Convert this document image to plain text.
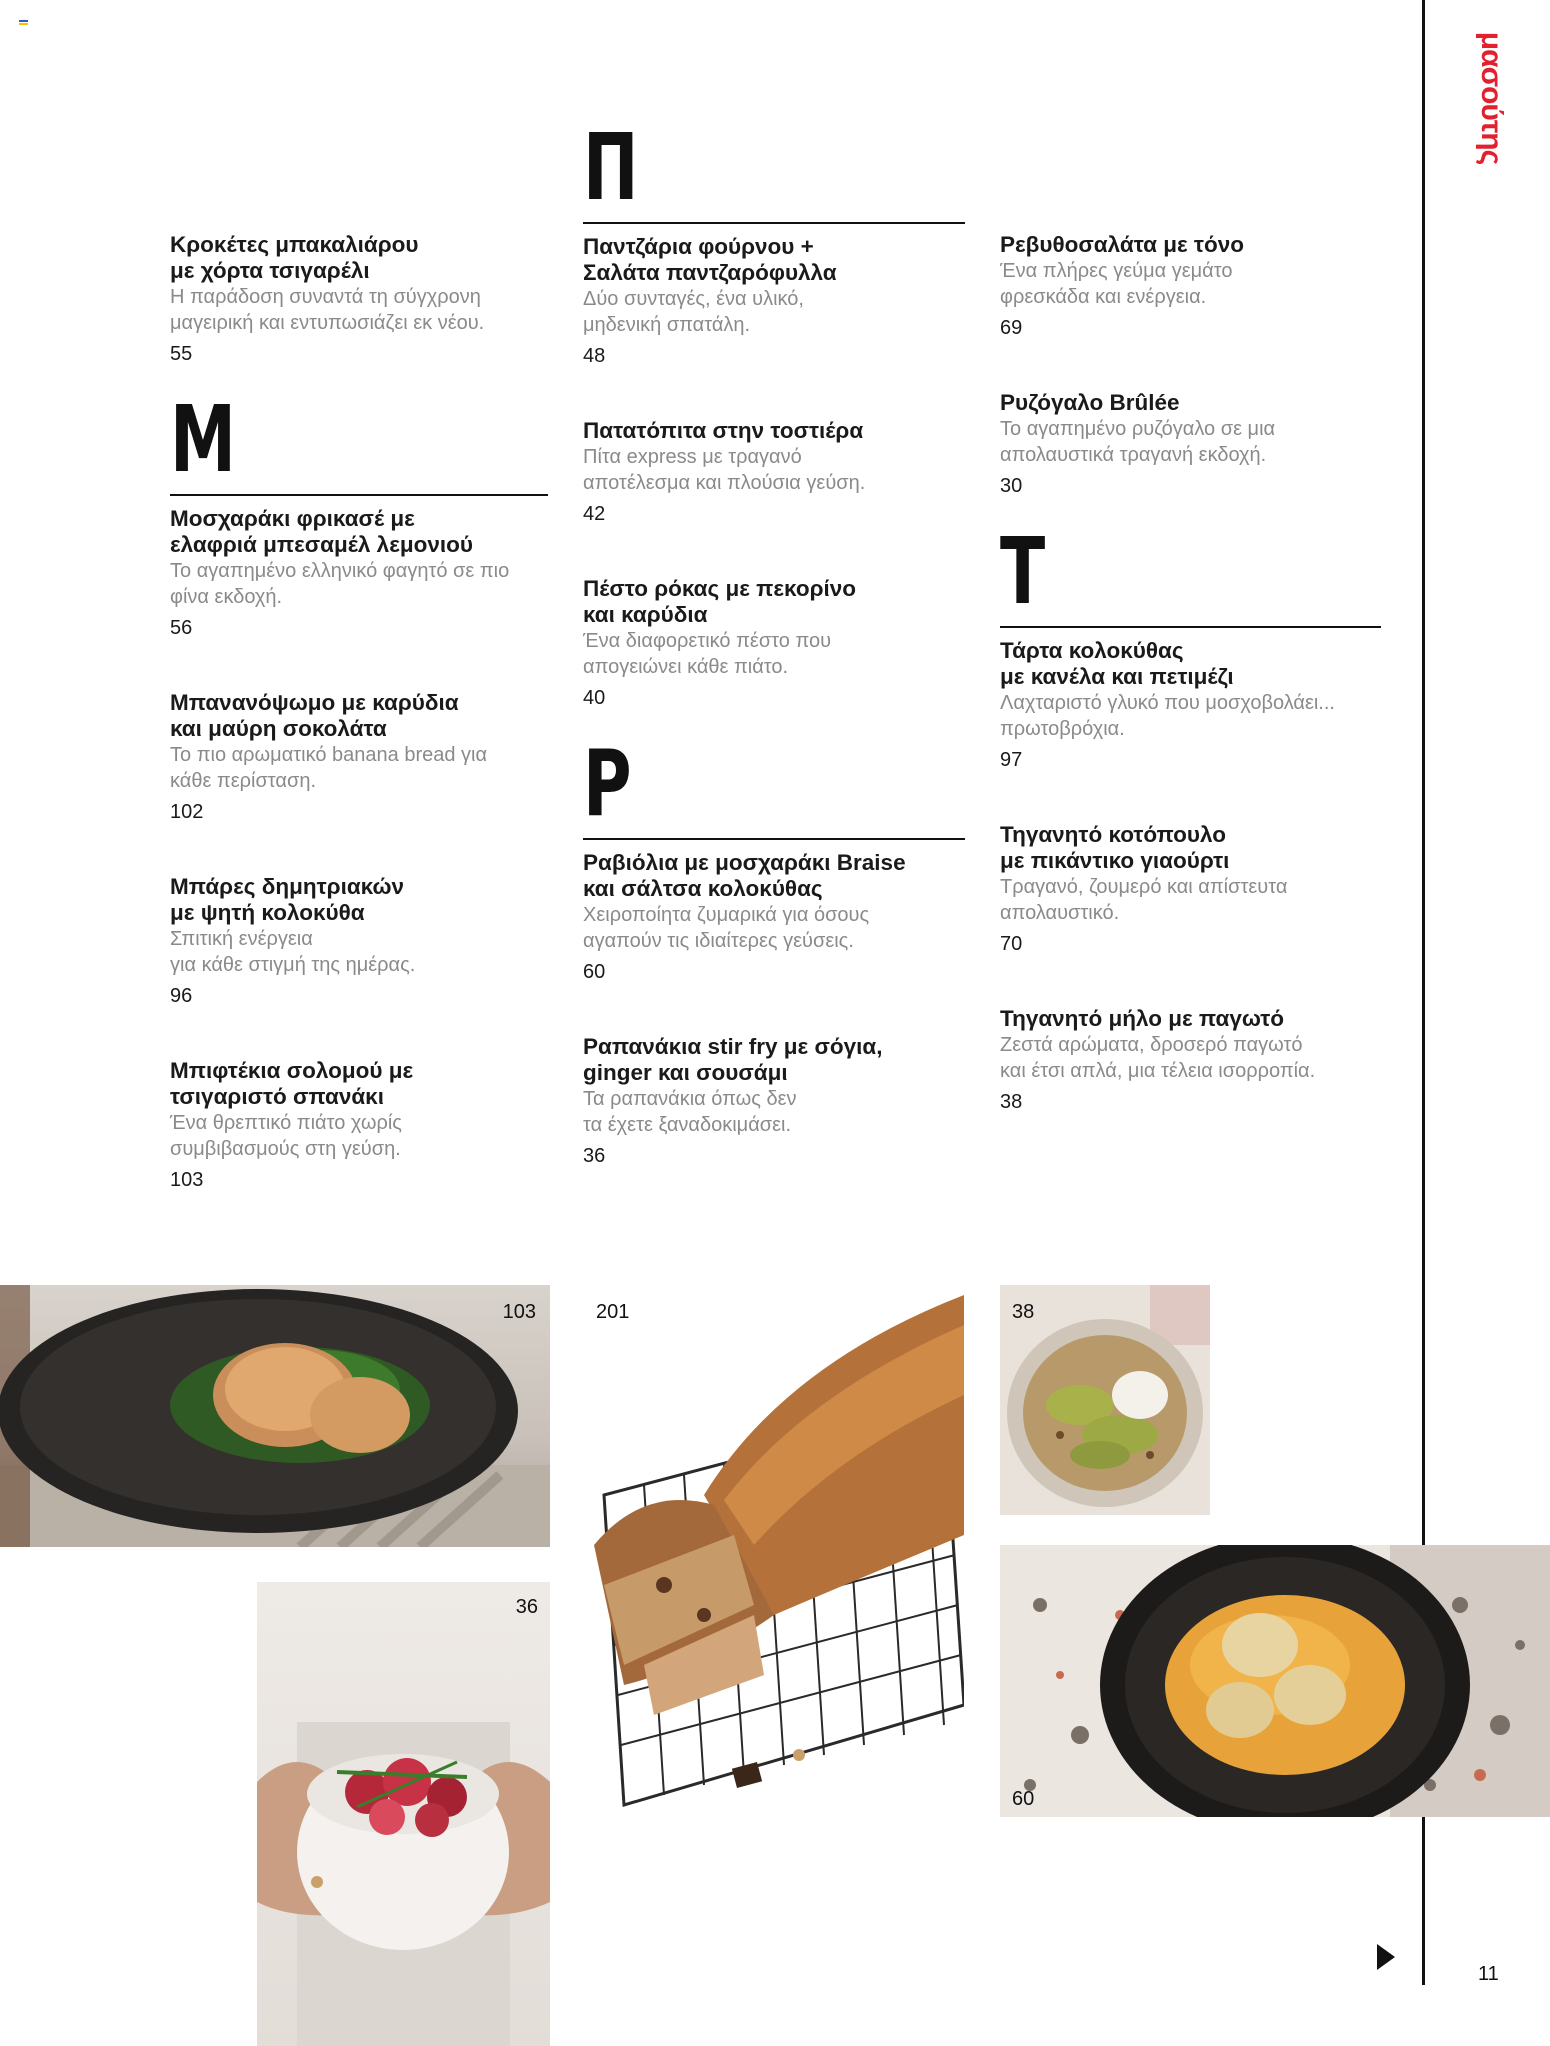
μασούτης
Κροκέτες μπακαλιάρου
με χόρτα τσιγαρέλι
Η παράδοση συναντά τη σύγχρονη
μαγειρική και εντυπωσιάζει εκ νέου.
55
Μ
Μοσχαράκι φρικασέ με
ελαφριά μπεσαμέλ λεμονιού
Το αγαπημένο ελληνικό φαγητό σε πιο
φίνα εκδοχή.
56
Μπανανόψωμο με καρύδια
και μαύρη σοκολάτα
Το πιο αρωματικό banana bread για
κάθε περίσταση.
102
Μπάρες δημητριακών
με ψητή κολοκύθα
Σπιτική ενέργεια
για κάθε στιγμή της ημέρας.
96
Μπιφτέκια σολομού με
τσιγαριστό σπανάκι
Ένα θρεπτικό πιάτο χωρίς
συμβιβασμούς στη γεύση.
103
Π
Παντζάρια φούρνου +
Σαλάτα παντζαρόφυλλα
Δύο συνταγές, ένα υλικό,
μηδενική σπατάλη.
48
Πατατόπιτα στην τοστιέρα
Πίτα express με τραγανό
αποτέλεσμα και πλούσια γεύση.
42
Πέστο ρόκας με πεκορίνο
και καρύδια
Ένα διαφορετικό πέστο που
απογειώνει κάθε πιάτο.
40
Ρ
Ραβιόλια με μοσχαράκι Braise
και σάλτσα κολοκύθας
Χειροποίητα ζυμαρικά για όσους
αγαπούν τις ιδιαίτερες γεύσεις.
60
Ραπανάκια stir fry με σόγια,
ginger και σουσάμι
Τα ραπανάκια όπως δεν
τα έχετε ξαναδοκιμάσει.
36
Ρεβυθοσαλάτα με τόνο
Ένα πλήρες γεύμα γεμάτο
φρεσκάδα και ενέργεια.
69
Ρυζόγαλο Brûlée
Το αγαπημένο ρυζόγαλο σε μια
απολαυστικά τραγανή εκδοχή.
30
Τ
Τάρτα κολοκύθας
με κανέλα και πετιμέζι
Λαχταριστό γλυκό που μοσχοβολάει...
πρωτοβρόχια.
97
Τηγανητό κοτόπουλο
με πικάντικο γιαούρτι
Τραγανό, ζουμερό και απίστευτα
απολαυστικό.
70
Τηγανητό μήλο με παγωτό
Ζεστά αρώματα, δροσερό παγωτό
και έτσι απλά, μια τέλεια ισορροπία.
38
103	201	38
36
60
11
